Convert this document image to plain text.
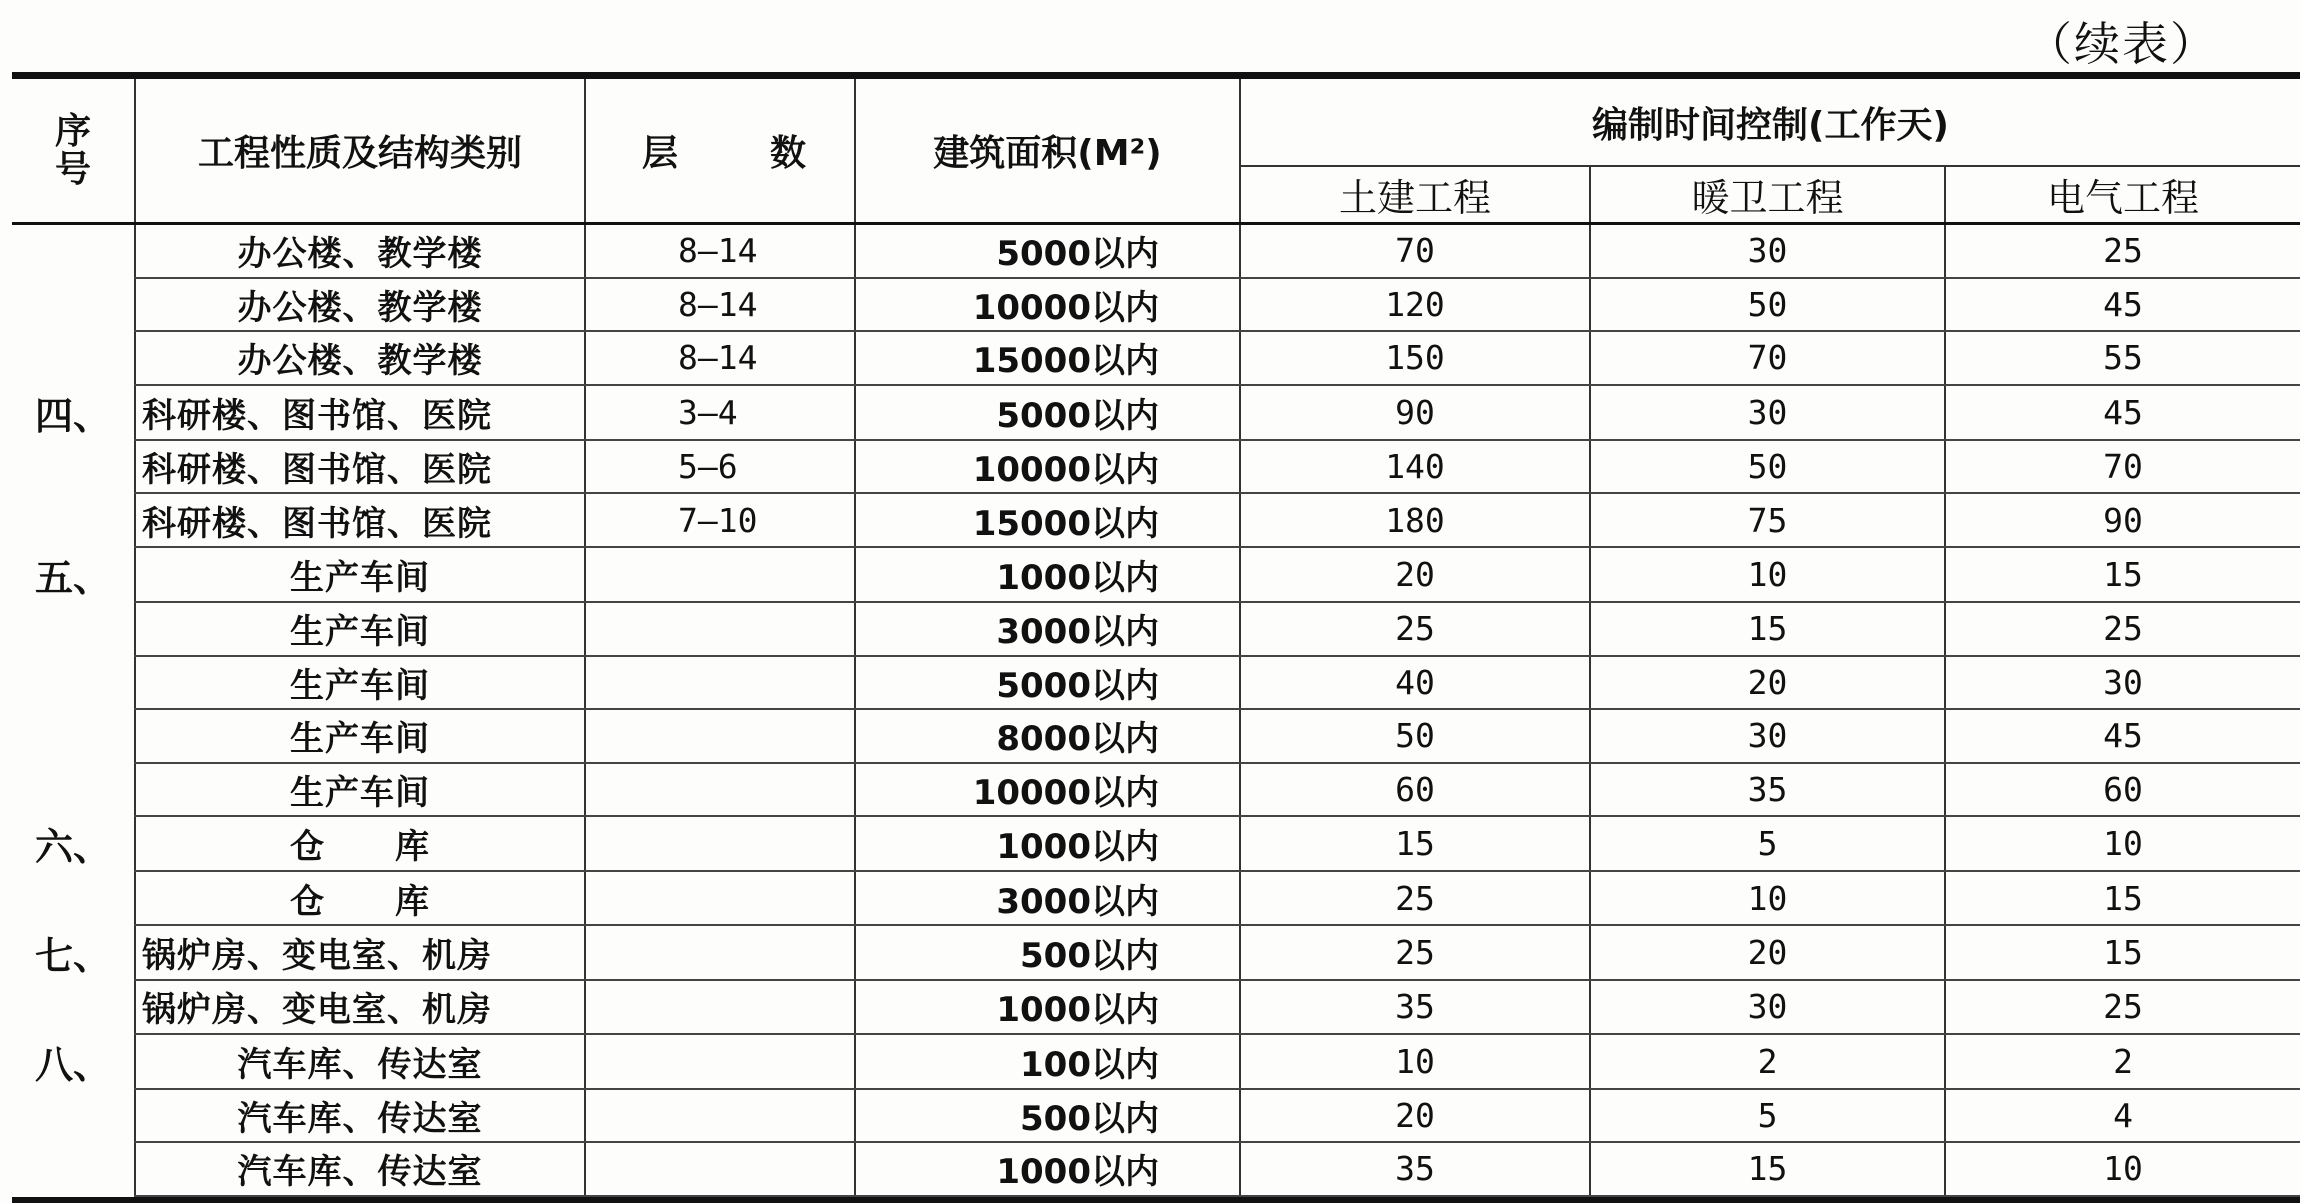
（续表）
序
号	工程性质及结构类别	层 数	建筑面积(M²)	编制时间控制(工作天)		
				土建工程	暖卫工程	电气工程
	办公楼、教学楼	8—14	5000以内	70	30	25
	办公楼、教学楼	8—14	10000以内	120	50	45
	办公楼、教学楼	8—14	15000以内	150	70	55
四、	科研楼、图书馆、医院	3—4	5000以内	90	30	45
	科研楼、图书馆、医院	5—6	10000以内	140	50	70
	科研楼、图书馆、医院	7—10	15000以内	180	75	90
五、	生产车间		1000以内	20	10	15
	生产车间		3000以内	25	15	25
	生产车间		5000以内	40	20	30
	生产车间		8000以内	50	30	45
	生产车间		10000以内	60	35	60
六、	仓　　库		1000以内	15	5	10
	仓　　库		3000以内	25	10	15
七、	锅炉房、变电室、机房		500以内	25	20	15
	锅炉房、变电室、机房		1000以内	35	30	25
八、	汽车库、传达室		100以内	10	2	2
	汽车库、传达室		500以内	20	5	4
	汽车库、传达室		1000以内	35	15	10
